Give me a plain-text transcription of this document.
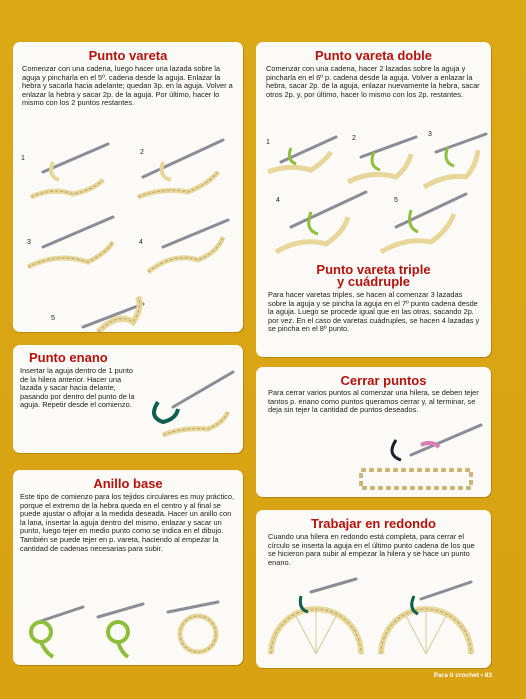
Punto vareta

Comenzar con una cadena, luego hacer una lazada sobre la aguja y pincharla en el 5º. cadena desde la aguja. Enlazar la hebra y sacarla hacia adelante; quedan 3p. en la aguja. Volver a enlazar la hebra y sacar 2p. de la aguja. Por último, hacer lo mismo con los 2 puntos restantes.

1
2
3	4
5
Punto vareta doble

Comenzar con una cadena, hacer 2 lazadas sobre la aguja y pincharla en el 6º p. cadena desde la aguja. Volver a enlazar la hebra, sacar 2p. de la aguja, enlazar nuevamente la hebra, sacar otros 2p. y, por último, hacer lo mismo con los 2p. restantes.

1
2
3
4	5
Punto vareta triple
y cuádruple

Para hacer varetas triples, se hacen al comenzar 3 lazadas sobre la aguja y se pincha la aguja en el 7º punto cadena desde la aguja. Luego se procede igual que en las otras, sacando 2p. por vez. En el caso de varetas cuádruples, se hacen 4 lazadas y se pincha en el 8º punto.

Punto enano

Insertar la aguja dentro de 1 punto de la hilera anterior. Hacer una lazada y sacar hacia delante, pasando por dentro del punto de la aguja. Repetir desde el comienzo.

Cerrar puntos

Para cerrar varios puntos al comenzar una hilera, se deben tejer tantos p. enano como puntos queramos cerrar y, al terminar, se deja sin tejer la cantidad de puntos deseados.

Anillo base

Este tipo de comienzo para los tejidos circulares es muy práctico, porque el extremo de la hebra queda en el centro y al final se puede ajustar o aflojar a la medida deseada. Hacer un anillo con la lana, insertar la aguja dentro del mismo, enlazar y sacar un punto, luego tejer en medio punto como se indica en el dibujo. También se puede tejer en p. vareta, haciendo al empezar la cantidad de cadenas necesarias para subir.

Trabajar en redondo

Cuando una hilera en redondo está completa, para cerrar el círculo se inserta la aguja en el último punto cadena de los que se hicieron para subir al empezar la hilera y se hace un punto enano.

Para ti crochet • 83
